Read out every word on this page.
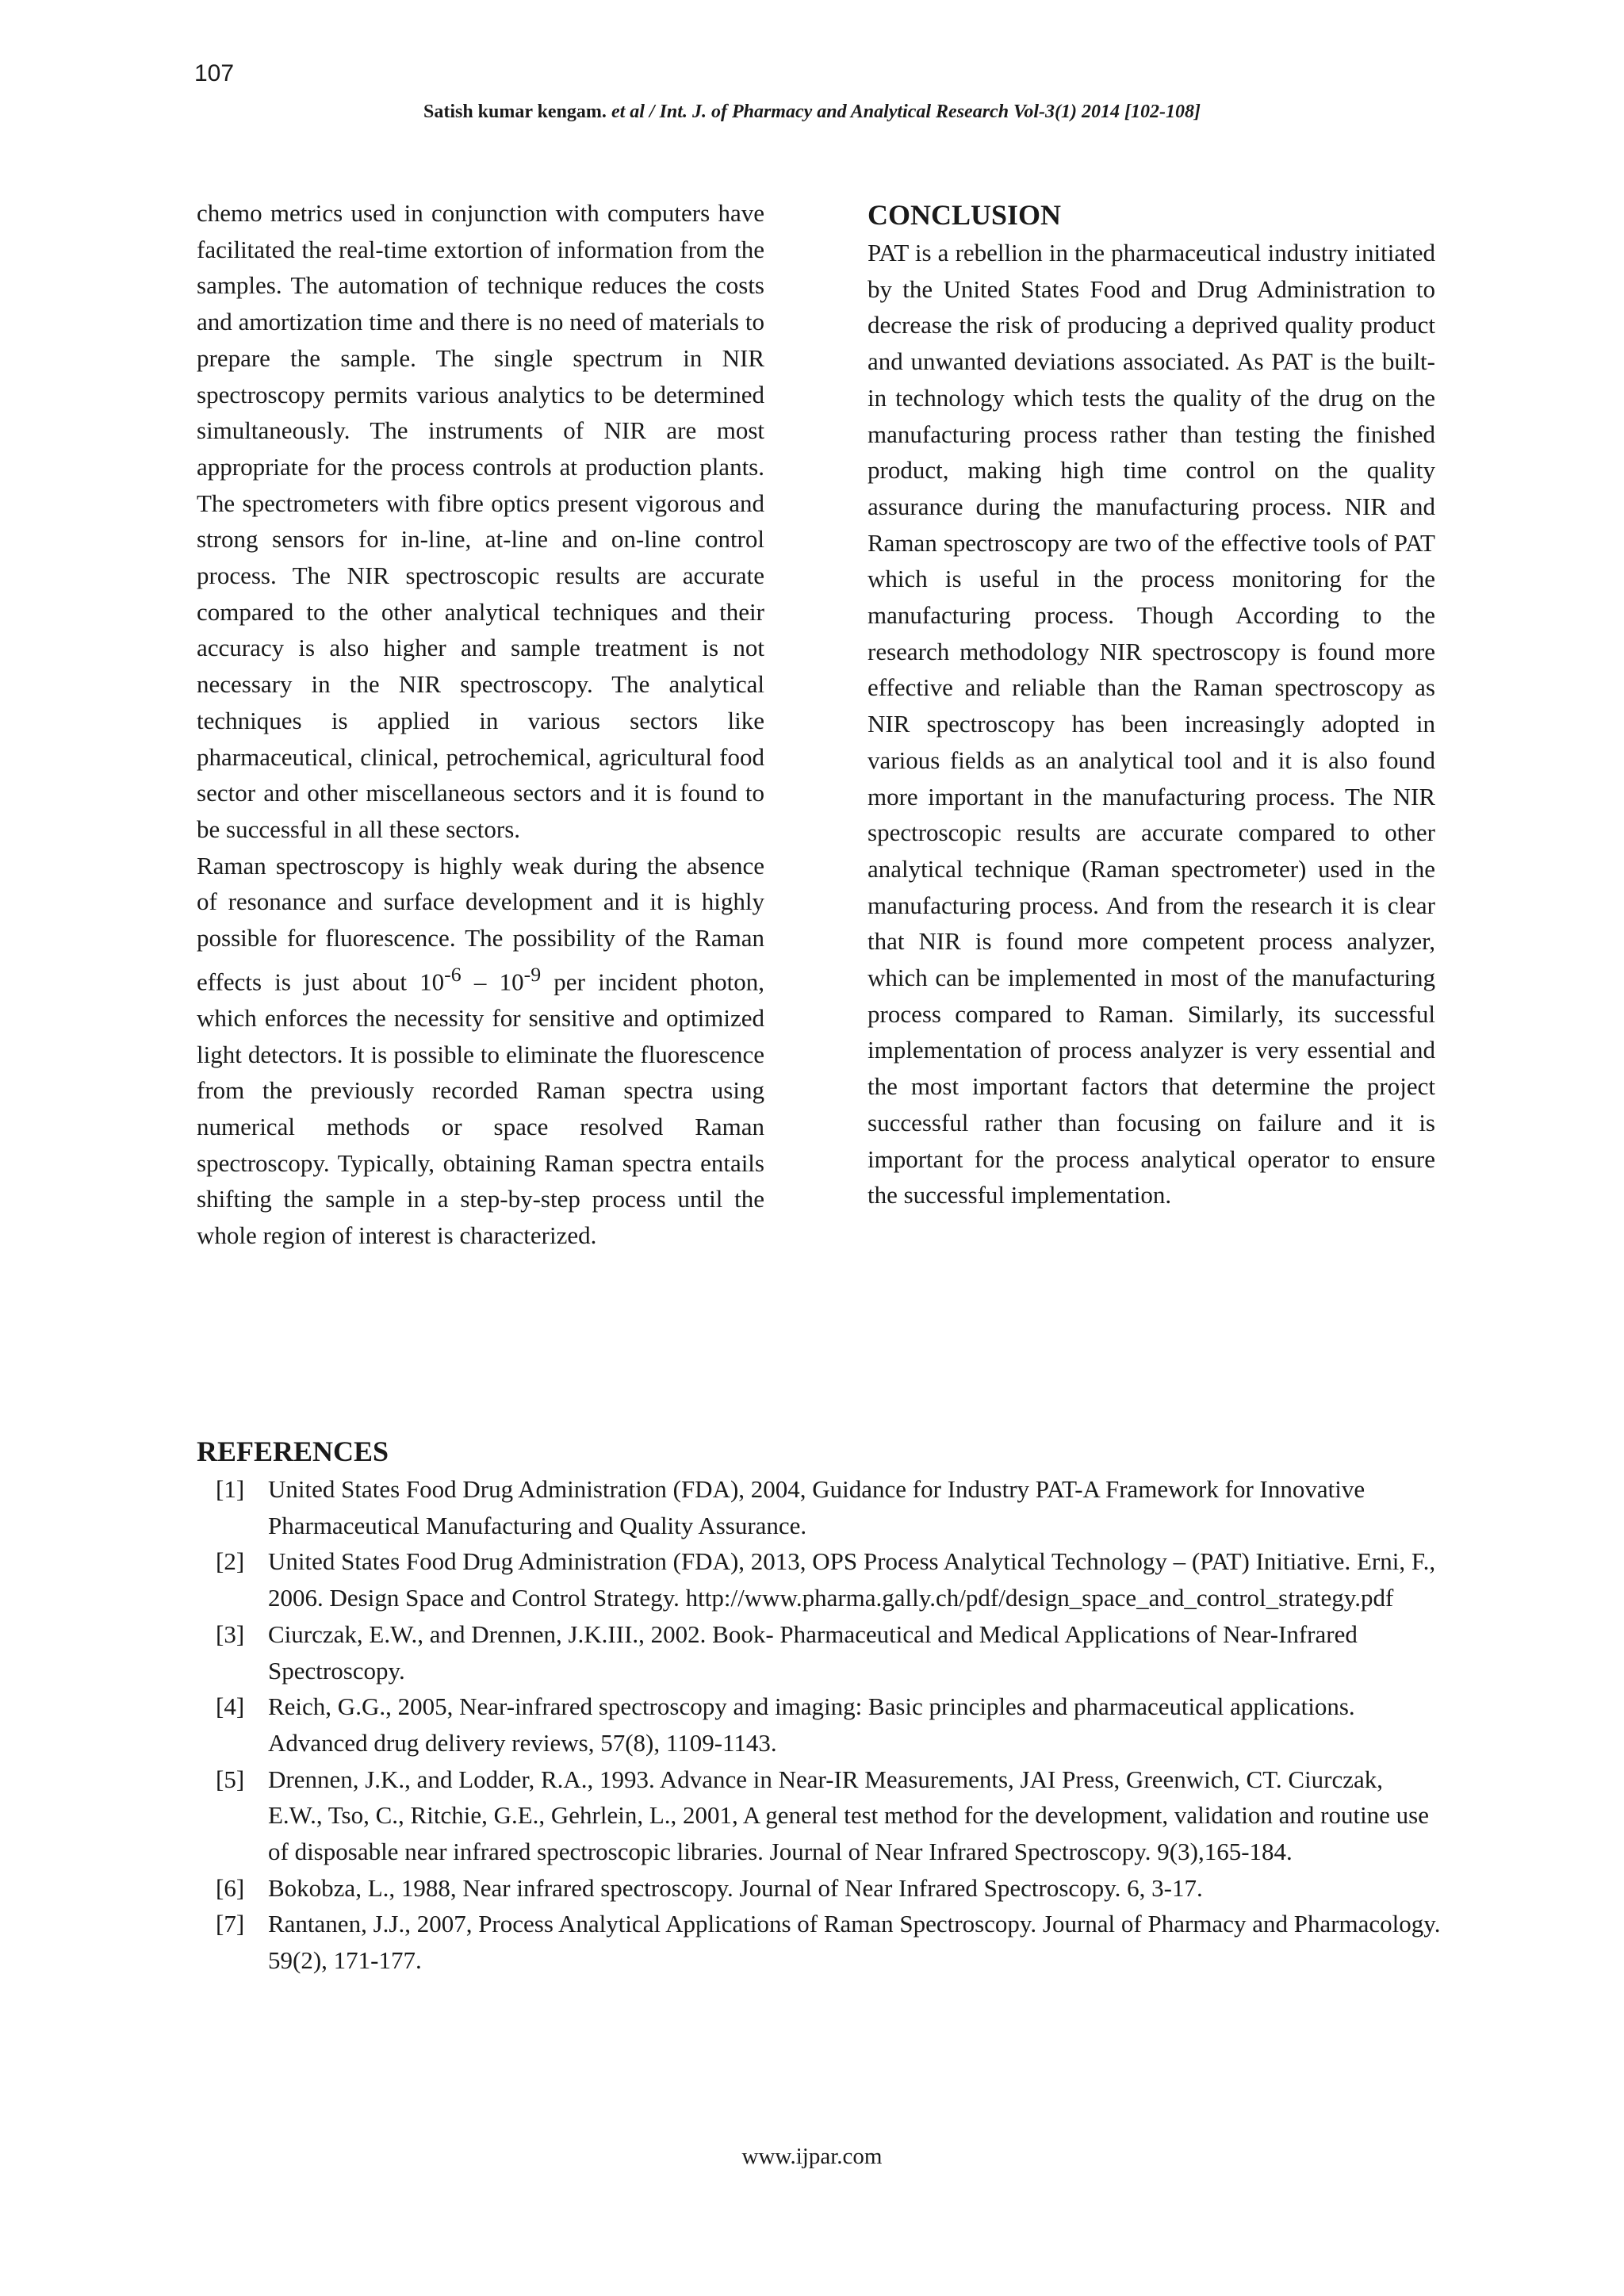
107
Satish kumar kengam. et al / Int. J. of Pharmacy and Analytical Research Vol-3(1) 2014 [102-108]

chemo metrics used in conjunction with computers have facilitated the real-time extortion of information from the samples. The automation of technique reduces the costs and amortization time and there is no need of materials to prepare the sample. The single spectrum in NIR spectroscopy permits various analytics to be determined simultaneously. The instruments of NIR are most appropriate for the process controls at production plants. The spectrometers with fibre optics present vigorous and strong sensors for in-line, at-line and on-line control process. The NIR spectroscopic results are accurate compared to the other analytical techniques and their accuracy is also higher and sample treatment is not necessary in the NIR spectroscopy. The analytical techniques is applied in various sectors like pharmaceutical, clinical, petrochemical, agricultural food sector and other miscellaneous sectors and it is found to be successful in all these sectors.

Raman spectroscopy is highly weak during the absence of resonance and surface development and it is highly possible for fluorescence. The possibility of the Raman effects is just about $10^{-6} - 10^{-9}$ per incident photon, which enforces the necessity for sensitive and optimized light detectors. It is possible to eliminate the fluorescence from the previously recorded Raman spectra using numerical methods or space resolved Raman spectroscopy. Typically, obtaining Raman spectra entails shifting the sample in a step-by-step process until the whole region of interest is characterized.

CONCLUSION

PAT is a rebellion in the pharmaceutical industry initiated by the United States Food and Drug Administration to decrease the risk of producing a deprived quality product and unwanted deviations associated. As PAT is the built-in technology which tests the quality of the drug on the manufacturing process rather than testing the finished product, making high time control on the quality assurance during the manufacturing process. NIR and Raman spectroscopy are two of the effective tools of PAT which is useful in the process monitoring for the manufacturing process. Though According to the research methodology NIR spectroscopy is found more effective and reliable than the Raman spectroscopy as NIR spectroscopy has been increasingly adopted in various fields as an analytical tool and it is also found more important in the manufacturing process. The NIR spectroscopic results are accurate compared to other analytical technique (Raman spectrometer) used in the manufacturing process. And from the research it is clear that NIR is found more competent process analyzer, which can be implemented in most of the manufacturing process compared to Raman. Similarly, its successful implementation of process analyzer is very essential and the most important factors that determine the project successful rather than focusing on failure and it is important for the process analytical operator to ensure the successful implementation.

REFERENCES
[1] United States Food Drug Administration (FDA), 2004, Guidance for Industry PAT-A Framework for Innovative Pharmaceutical Manufacturing and Quality Assurance.
[2] United States Food Drug Administration (FDA), 2013, OPS Process Analytical Technology – (PAT) Initiative. Erni, F., 2006. Design Space and Control Strategy. http://www.pharma.gally.ch/pdf/design_space_and_control_strategy.pdf
[3] Ciurczak, E.W., and Drennen, J.K.III., 2002. Book- Pharmaceutical and Medical Applications of Near-Infrared Spectroscopy.
[4] Reich, G.G., 2005, Near-infrared spectroscopy and imaging: Basic principles and pharmaceutical applications. Advanced drug delivery reviews, 57(8), 1109-1143.
[5] Drennen, J.K., and Lodder, R.A., 1993. Advance in Near-IR Measurements, JAI Press, Greenwich, CT. Ciurczak, E.W., Tso, C., Ritchie, G.E., Gehrlein, L., 2001, A general test method for the development, validation and routine use of disposable near infrared spectroscopic libraries. Journal of Near Infrared Spectroscopy. 9(3),165-184.
[6] Bokobza, L., 1988, Near infrared spectroscopy. Journal of Near Infrared Spectroscopy. 6, 3-17.
[7] Rantanen, J.J., 2007, Process Analytical Applications of Raman Spectroscopy. Journal of Pharmacy and Pharmacology. 59(2), 171-177.
www.ijpar.com
